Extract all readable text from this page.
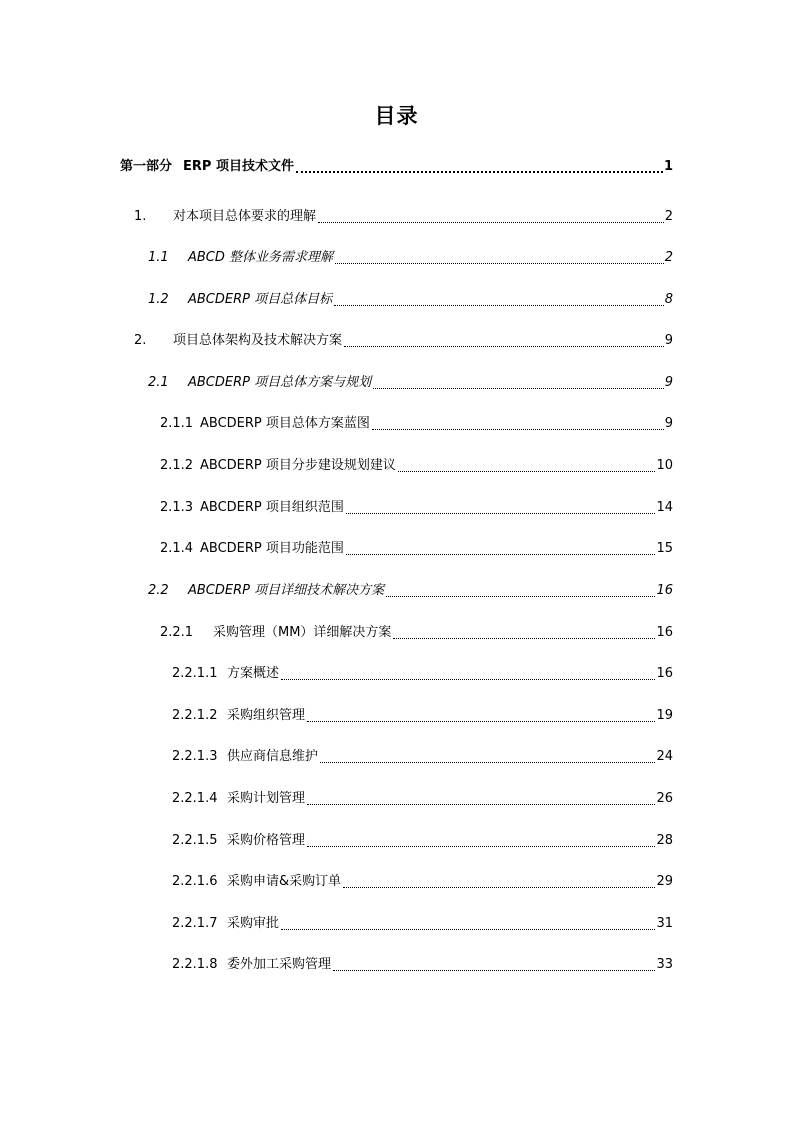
目录
第一部分 ERP 项目技术文件	1
1.	对本项目总体要求的理解	2
1.1	ABCD 整体业务需求理解	2
1.2	ABCDERP 项目总体目标	8
2.	项目总体架构及技术解决方案	9
2.1	ABCDERP 项目总体方案与规划	9
2.1.1 ABCDERP 项目总体方案蓝图	9
2.1.2 ABCDERP 项目分步建设规划建议	10
2.1.3 ABCDERP 项目组织范围	14
2.1.4 ABCDERP 项目功能范围	15
2.2	ABCDERP 项目详细技术解决方案	16
2.2.1	采购管理（MM）详细解决方案	16
2.2.1.1 方案概述	16
2.2.1.2 采购组织管理	19
2.2.1.3 供应商信息维护	24
2.2.1.4 采购计划管理	26
2.2.1.5 采购价格管理	28
2.2.1.6 采购申请&采购订单	29
2.2.1.7 采购审批	31
2.2.1.8 委外加工采购管理	33
